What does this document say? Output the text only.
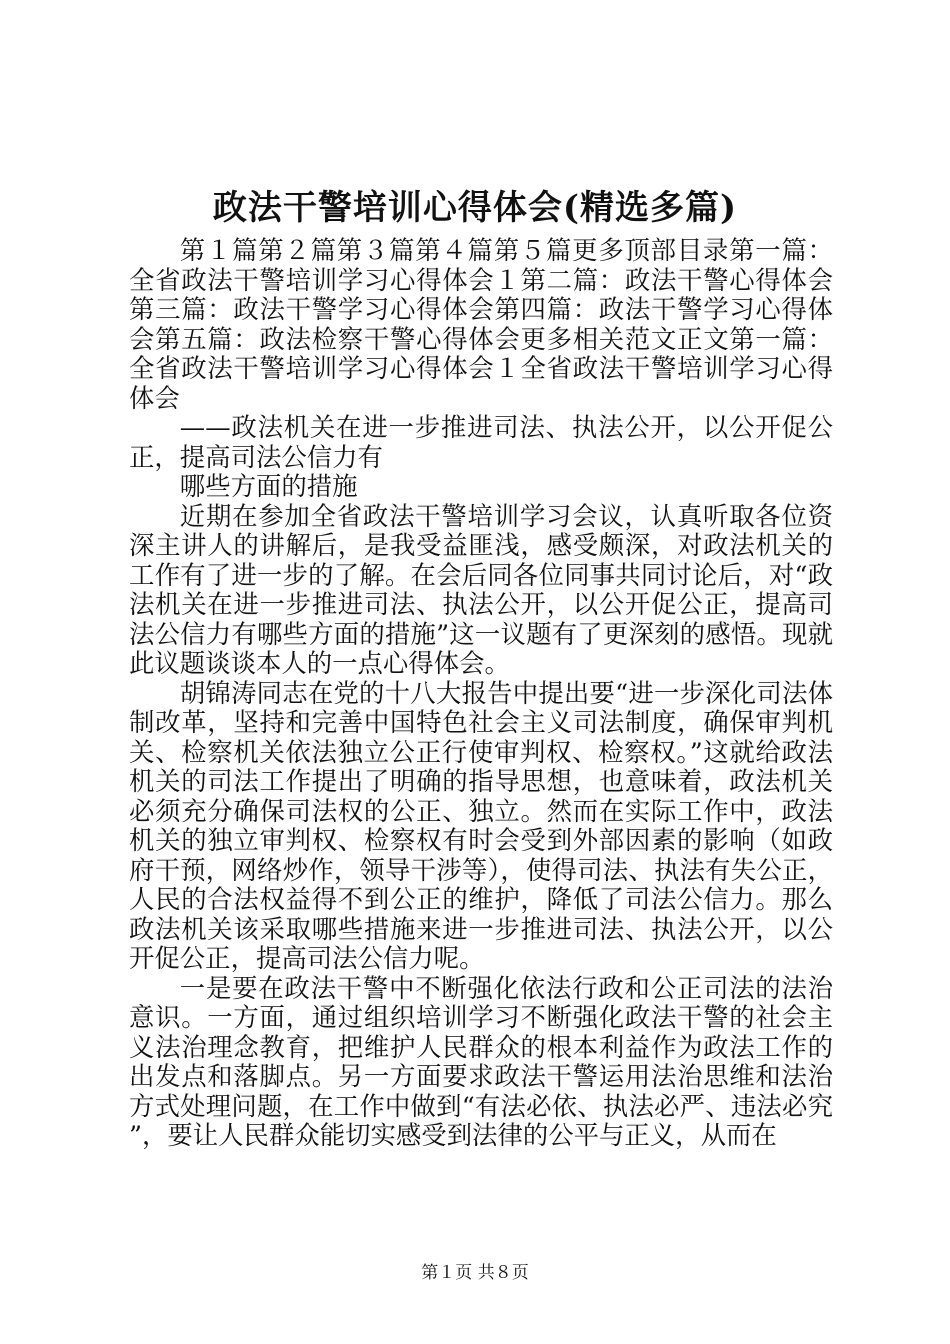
政法干警培训心得体会(精选多篇)

第１篇第２篇第３篇第４篇第５篇更多顶部目录第一篇：全省政法干警培训学习心得体会１第二篇：政法干警心得体会第三篇：政法干警学习心得体会第四篇：政法干警学习心得体会第五篇：政法检察干警心得体会更多相关范文正文第一篇：全省政法干警培训学习心得体会１全省政法干警培训学习心得体会

——政法机关在进一步推进司法、执法公开，以公开促公正，提高司法公信力有

哪些方面的措施

近期在参加全省政法干警培训学习会议，认真听取各位资深主讲人的讲解后，是我受益匪浅，感受颇深，对政法机关的工作有了进一步的了解。在会后同各位同事共同讨论后，对“政法机关在进一步推进司法、执法公开，以公开促公正，提高司法公信力有哪些方面的措施”这一议题有了更深刻的感悟。现就此议题谈谈本人的一点心得体会。

胡锦涛同志在党的十八大报告中提出要“进一步深化司法体制改革，坚持和完善中国特色社会主义司法制度，确保审判机关、检察机关依法独立公正行使审判权、检察权。”这就给政法机关的司法工作提出了明确的指导思想，也意味着，政法机关必须充分确保司法权的公正、独立。然而在实际工作中，政法机关的独立审判权、检察权有时会受到外部因素的影响（如政府干预，网络炒作，领导干涉等），使得司法、执法有失公正，人民的合法权益得不到公正的维护，降低了司法公信力。那么政法机关该采取哪些措施来进一步推进司法、执法公开，以公开促公正，提高司法公信力呢。

一是要在政法干警中不断强化依法行政和公正司法的法治意识。一方面，通过组织培训学习不断强化政法干警的社会主义法治理念教育，把维护人民群众的根本利益作为政法工作的出发点和落脚点。另一方面要求政法干警运用法治思维和法治方式处理问题，在工作中做到“有法必依、执法必严、违法必究”，要让人民群众能切实感受到法律的公平与正义，从而在

第１页 共８页
